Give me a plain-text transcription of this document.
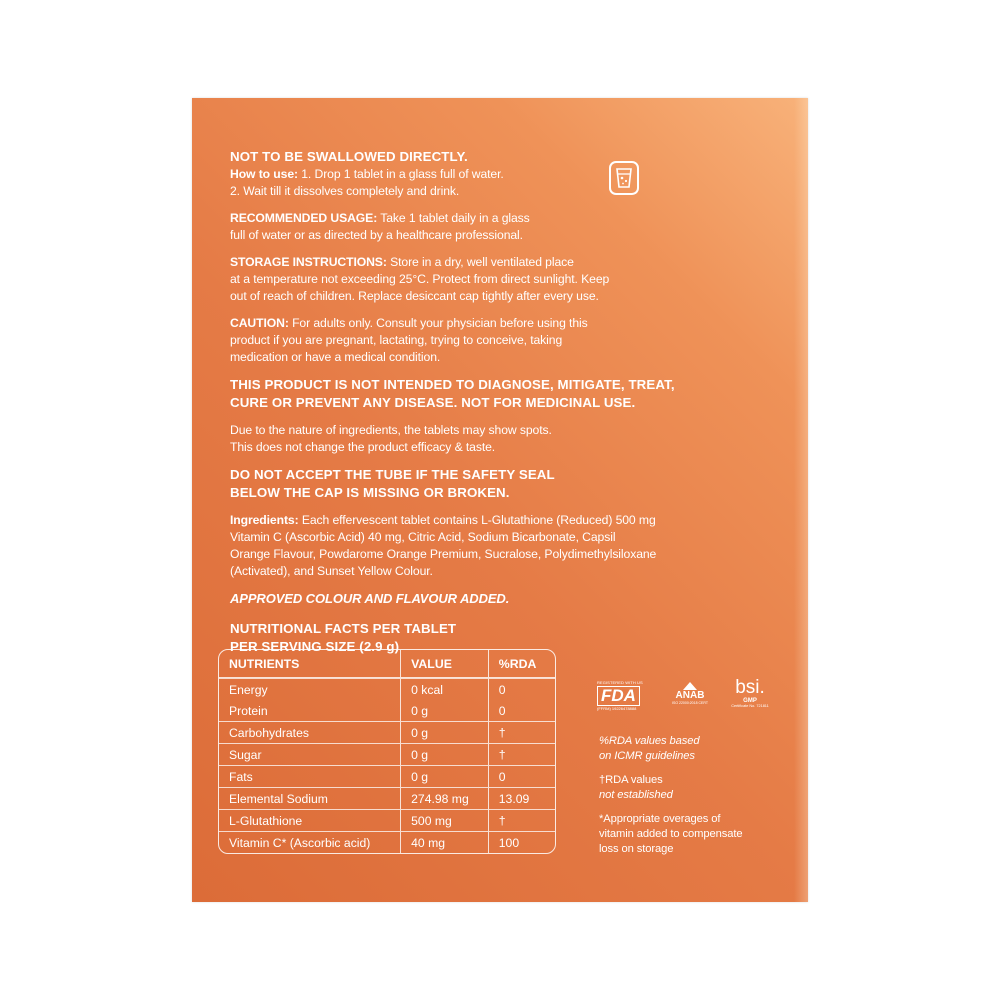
NOT TO BE SWALLOWED DIRECTLY.

How to use: 1. Drop 1 tablet in a glass full of water.

2. Wait till it dissolves completely and drink.

RECOMMENDED USAGE: Take 1 tablet daily in a glass

full of water or as directed by a healthcare professional.

STORAGE INSTRUCTIONS: Store in a dry, well ventilated place

at a temperature not exceeding 25°C. Protect from direct sunlight. Keep

out of reach of children. Replace desiccant cap tightly after every use.

CAUTION: For adults only. Consult your physician before using this

product if you are pregnant, lactating, trying to conceive, taking

medication or have a medical condition.

THIS PRODUCT IS NOT INTENDED TO DIAGNOSE, MITIGATE, TREAT,

CURE OR PREVENT ANY DISEASE. NOT FOR MEDICINAL USE.

Due to the nature of ingredients, the tablets may show spots.

This does not change the product efficacy & taste.

DO NOT ACCEPT THE TUBE IF THE SAFETY SEAL

BELOW THE CAP IS MISSING OR BROKEN.

Ingredients: Each effervescent tablet contains L-Glutathione (Reduced) 500 mg

Vitamin C (Ascorbic Acid) 40 mg, Citric Acid, Sodium Bicarbonate, Capsil

Orange Flavour, Powdarome Orange Premium, Sucralose, Polydimethylsiloxane

(Activated), and Sunset Yellow Colour.

APPROVED COLOUR AND FLAVOUR ADDED.

NUTRITIONAL FACTS PER TABLET

PER SERVING SIZE (2.9 g)

NUTRIENTS	VALUE	%RDA
Energy	0 kcal	0
Protein	0 g	0
Carbohydrates	0 g	†
Sugar	0 g	†
Fats	0 g	0
Elemental Sodium	274.98 mg	13.09
L-Glutathione	500 mg	†
Vitamin C* (Ascorbic acid)	40 mg	100
REGISTERED WITH US
FDA
(FFRM) 19226478888
ANAB
ISO 22000:2018 CERT
bsi.
GMP
Certificate No. 721811

%RDA values based
on ICMR guidelines

†RDA values
not established

*Appropriate overages of
vitamin added to compensate
loss on storage
